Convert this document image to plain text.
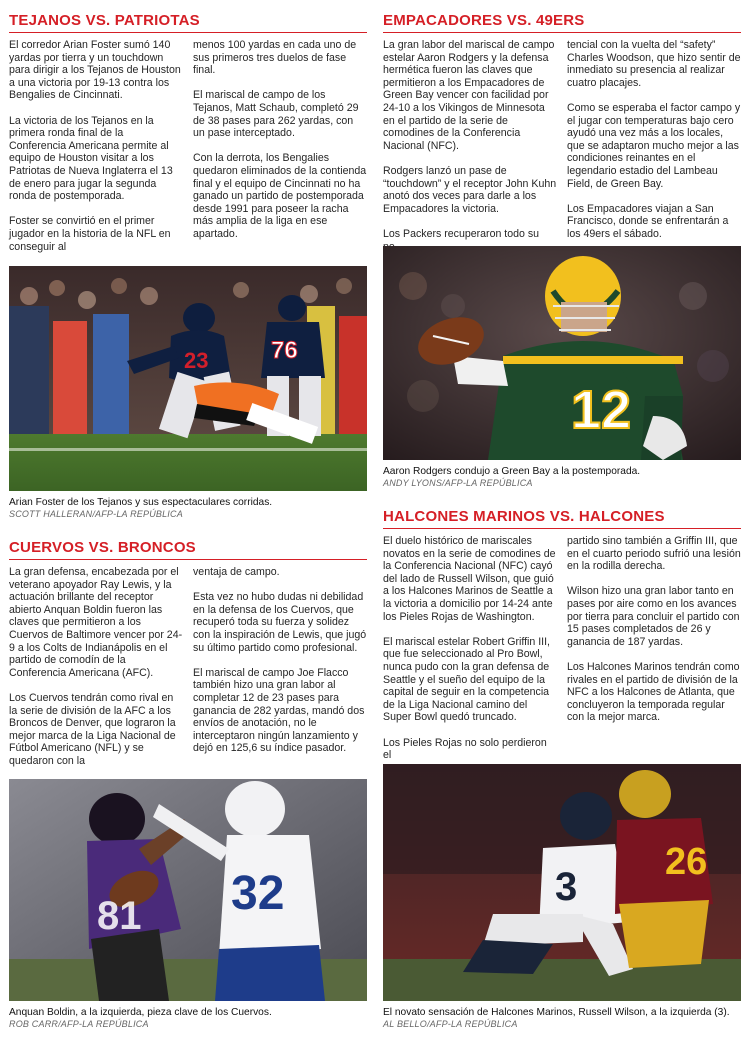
TEJANOS VS. PATRIOTAS

El corredor Arian Foster sumó 140 yardas por tierra y un touchdown para dirigir a los Tejanos de Houston a una victoria por 19-13 contra los Bengalies de Cincinnati.

La victoria de los Tejanos en la primera ronda final de la Conferencia Americana permite al equipo de Houston visitar a los Patriotas de Nueva Inglaterra el 13 de enero para jugar la segunda ronda de postemporada.

Foster se convirtió en el primer jugador en la historia de la NFL en conseguir al

menos 100 yardas en cada uno de sus primeros tres duelos de fase final.

El mariscal de campo de los Tejanos, Matt Schaub, completó 29 de 38 pases para 262 yardas, con un pase interceptado.

Con la derrota, los Bengalies quedaron eliminados de la contienda final y el equipo de Cincinnati no ha ganado un partido de postemporada desde 1991 para poseer la racha más amplia de la liga en ese apartado.

23	76
Arian Foster de los Tejanos y sus espectaculares corridas.
SCOTT HALLERAN/AFP-LA REPÚBLICA
EMPACADORES VS. 49ERS

La gran labor del mariscal de campo estelar Aaron Rodgers y la defensa hermética fueron las claves que permitieron a los Empacadores de Green Bay vencer con facilidad por 24-10 a los Vikingos de Minnesota en el partido de la serie de comodines de la Conferencia Nacional (NFC).

Rodgers lanzó un pase de “touchdown” y el receptor John Kuhn anotó dos veces para darle a los Empacadores la victoria.

Los Packers recuperaron todo su

tencial con la vuelta del “safety” Charles Woodson, que hizo sentir de inmediato su presencia al realizar cuatro placajes.

Como se esperaba el factor campo y el jugar con temperaturas bajo cero ayudó una vez más a los locales, que se adaptaron mucho mejor a las condiciones reinantes en el legendario estadio del Lambeau Field, de Green Bay.

Los Empacadores viajan a San Francisco, donde se enfrentarán a los 49ers el sábado.

12
Aaron Rodgers condujo a Green Bay a la postemporada.
ANDY LYONS/AFP-LA REPÚBLICA
CUERVOS VS. BRONCOS

La gran defensa, encabezada por el veterano apoyador Ray Lewis, y la actuación brillante del receptor abierto Anquan Boldin fueron las claves que permitieron a los Cuervos de Baltimore vencer por 24-9 a los Colts de Indianápolis en el partido de comodín de la Conferencia Americana (AFC).

Los Cuervos tendrán como rival en la serie de división de la AFC a los Broncos de Denver, que lograron la mejor marca de la Liga Nacional de Fútbol Americano (NFL) y se quedaron con la

ventaja de campo.

Esta vez no hubo dudas ni debilidad en la defensa de los Cuervos, que recuperó toda su fuerza y solidez con la inspiración de Lewis, que jugó su último partido como profesional.

El mariscal de campo Joe Flacco también hizo una gran labor al completar 12 de 23 pases para ganancia de 282 yardas, mandó dos envíos de anotación, no le interceptaron ningún lanzamiento y dejó en 125,6 su índice pasador.

81 32
Anquan Boldin, a la izquierda, pieza clave de los Cuervos.
ROB CARR/AFP-LA REPÚBLICA
HALCONES MARINOS VS. HALCONES

El duelo histórico de mariscales novatos en la serie de comodines de la Conferencia Nacional (NFC) cayó del lado de Russell Wilson, que guió a los Halcones Marinos de Seattle a la victoria a domicilio por 14-24 ante los Pieles Rojas de Washington.

El mariscal estelar Robert Griffin III, que fue seleccionado al Pro Bowl, nunca pudo con la gran defensa de Seattle y el sueño del equipo de la capital de seguir en la competencia de la Liga Nacional camino del Super Bowl quedó truncado.

Los Pieles Rojas no solo perdieron el

partido sino también a Griffin III, que en el cuarto periodo sufrió una lesión en la rodilla derecha.

Wilson hizo una gran labor tanto en pases por aire como en los avances por tierra para concluir el partido con 15 pases completados de 26 y ganancia de 187 yardas.

Los Halcones Marinos tendrán como rivales en el partido de división de la NFC a los Halcones de Atlanta, que concluyeron la temporada regular con la mejor marca.

3
26
El novato sensación de Halcones Marinos, Russell Wilson, a la izquierda (3).
AL BELLO/AFP-LA REPÚBLICA
